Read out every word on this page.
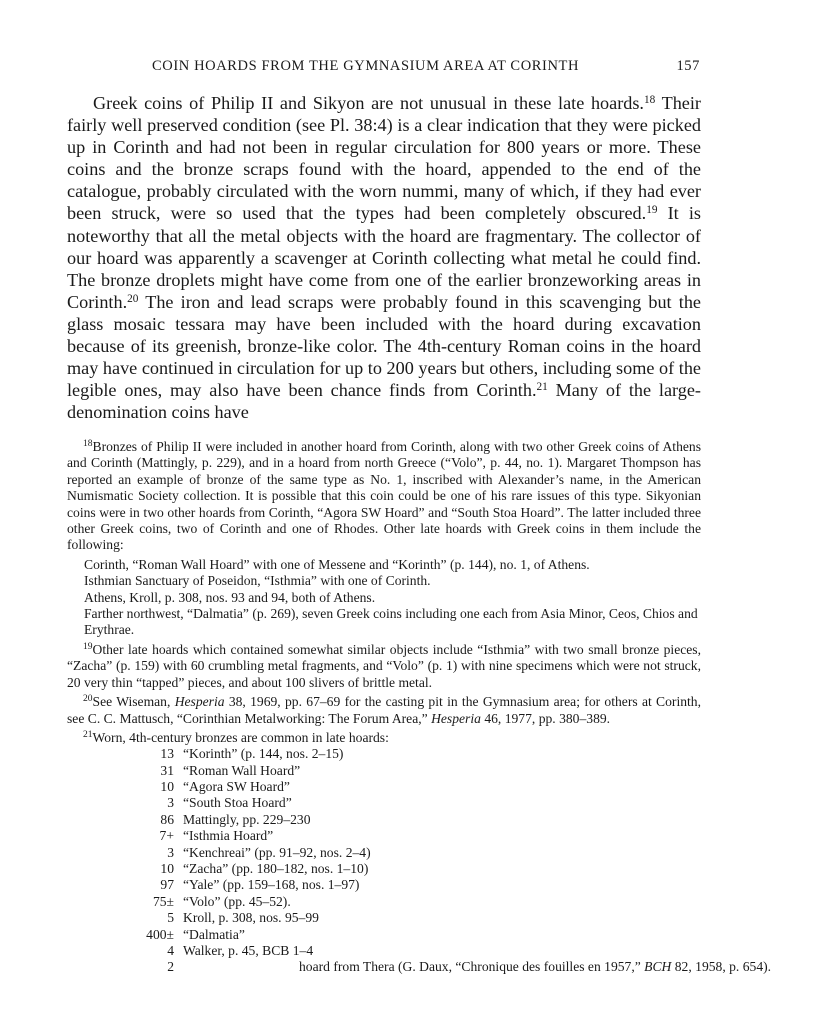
COIN HOARDS FROM THE GYMNASIUM AREA AT CORINTH	157

Greek coins of Philip II and Sikyon are not unusual in these late hoards.$^{18}$ Their fairly well preserved condition (see Pl. 38:4) is a clear indication that they were picked up in Corinth and had not been in regular circulation for 800 years or more. These coins and the bronze scraps found with the hoard, appended to the end of the catalogue, probably circulated with the worn nummi, many of which, if they had ever been struck, were so used that the types had been completely obscured.$^{19}$ It is noteworthy that all the metal objects with the hoard are fragmentary. The collector of our hoard was apparently a scavenger at Corinth collecting what metal he could find. The bronze droplets might have come from one of the earlier bronzeworking areas in Corinth.$^{20}$ The iron and lead scraps were probably found in this scavenging but the glass mosaic tessara may have been included with the hoard during excavation because of its greenish, bronze-like color. The 4th-century Roman coins in the hoard may have continued in circulation for up to 200 years but others, including some of the legible ones, may also have been chance finds from Corinth.$^{21}$ Many of the large-denomination coins have

$^{18}$Bronzes of Philip II were included in another hoard from Corinth, along with two other Greek coins of Athens and Corinth (Mattingly, p. 229), and in a hoard from north Greece (“Volo”, p. 44, no. 1). Margaret Thompson has reported an example of bronze of the same type as No. 1, inscribed with Alexander’s name, in the American Numismatic Society collection. It is possible that this coin could be one of his rare issues of this type. Sikyonian coins were in two other hoards from Corinth, “Agora SW Hoard” and “South Stoa Hoard”. The latter included three other Greek coins, two of Corinth and one of Rhodes. Other late hoards with Greek coins in them include the following:

Corinth, “Roman Wall Hoard” with one of Messene and “Korinth” (p. 144), no. 1, of Athens.

Isthmian Sanctuary of Poseidon, “Isthmia” with one of Corinth.

Athens, Kroll, p. 308, nos. 93 and 94, both of Athens.

Farther northwest, “Dalmatia” (p. 269), seven Greek coins including one each from Asia Minor, Ceos, Chios and Erythrae.

$^{19}$Other late hoards which contained somewhat similar objects include “Isthmia” with two small bronze pieces, “Zacha” (p. 159) with 60 crumbling metal fragments, and “Volo” (p. 1) with nine specimens which were not struck, 20 very thin “tapped” pieces, and about 100 slivers of brittle metal.

$^{20}$See Wiseman, Hesperia 38, 1969, pp. 67–69 for the casting pit in the Gymnasium area; for others at Corinth, see C. C. Mattusch, “Corinthian Metalworking: The Forum Area,” Hesperia 46, 1977, pp. 380–389.

$^{21}$Worn, 4th-century bronzes are common in late hoards:

13 “Korinth” (p. 144, nos. 2–15)
31 “Roman Wall Hoard”
10 “Agora SW Hoard”
3 “South Stoa Hoard”
86 Mattingly, pp. 229–230
7+ “Isthmia Hoard”
3 “Kenchreai” (pp. 91–92, nos. 2–4)
10 “Zacha” (pp. 180–182, nos. 1–10)
97 “Yale” (pp. 159–168, nos. 1–97)
75± “Volo” (pp. 45–52).
5 Kroll, p. 308, nos. 95–99
400± “Dalmatia”
4 Walker, p. 45, BCB 1–4
2	hoard from Thera (G. Daux, “Chronique des fouilles en 1957,” BCH 82, 1958, p. 654).
